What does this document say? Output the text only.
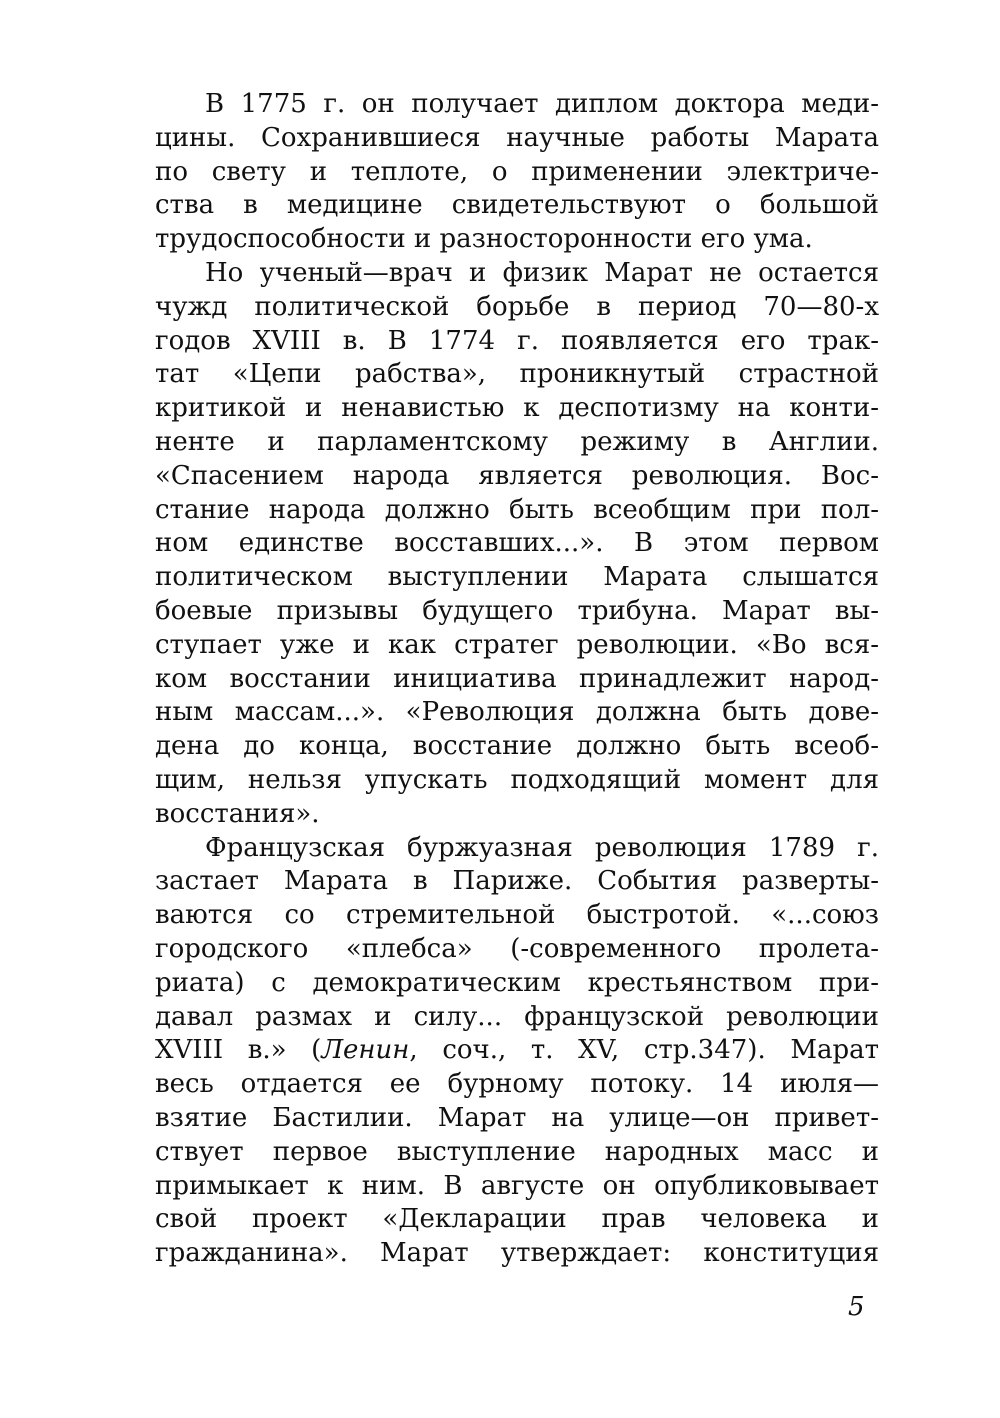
В 1775 г. он получает диплом доктора меди-
цины. Сохранившиеся научные работы Марата
по свету и теплоте, о применении электриче-
ства в медицине свидетельствуют о большой
трудоспособности и разносторонности его ума.
Но ученый—врач и физик Марат не остается
чужд политической борьбе в период 70—80-х
годов XVIII в. В 1774 г. появляется его трак-
тат «Цепи рабства», проникнутый страстной
критикой и ненавистью к деспотизму на конти-
ненте и парламентскому режиму в Англии.
«Спасением народа является революция. Вос-
стание народа должно быть всеобщим при пол-
ном единстве восставших...». В этом первом
политическом выступлении Марата слышатся
боевые призывы будущего трибуна. Марат вы-
ступает уже и как стратег революции. «Во вся-
ком восстании инициатива принадлежит народ-
ным массам...». «Революция должна быть дове-
дена до конца, восстание должно быть всеоб-
щим, нельзя упускать подходящий момент для
восстания».
Французская буржуазная революция 1789 г.
застает Марата в Париже. События разверты-
ваются со стремительной быстротой. «...союз
городского «плебса» (-современного пролета-
риата) с демократическим крестьянством при-
давал размах и силу... французской революции
XVIII в.» (Ленин, соч., т. XV, стр.347). Марат
весь отдается ее бурному потоку. 14 июля—
взятие Бастилии. Марат на улице—он привет-
ствует первое выступление народных масс и
примыкает к ним. В августе он опубликовывает
свой проект «Декларации прав человека и
гражданина». Марат утверждает: конституция
5
